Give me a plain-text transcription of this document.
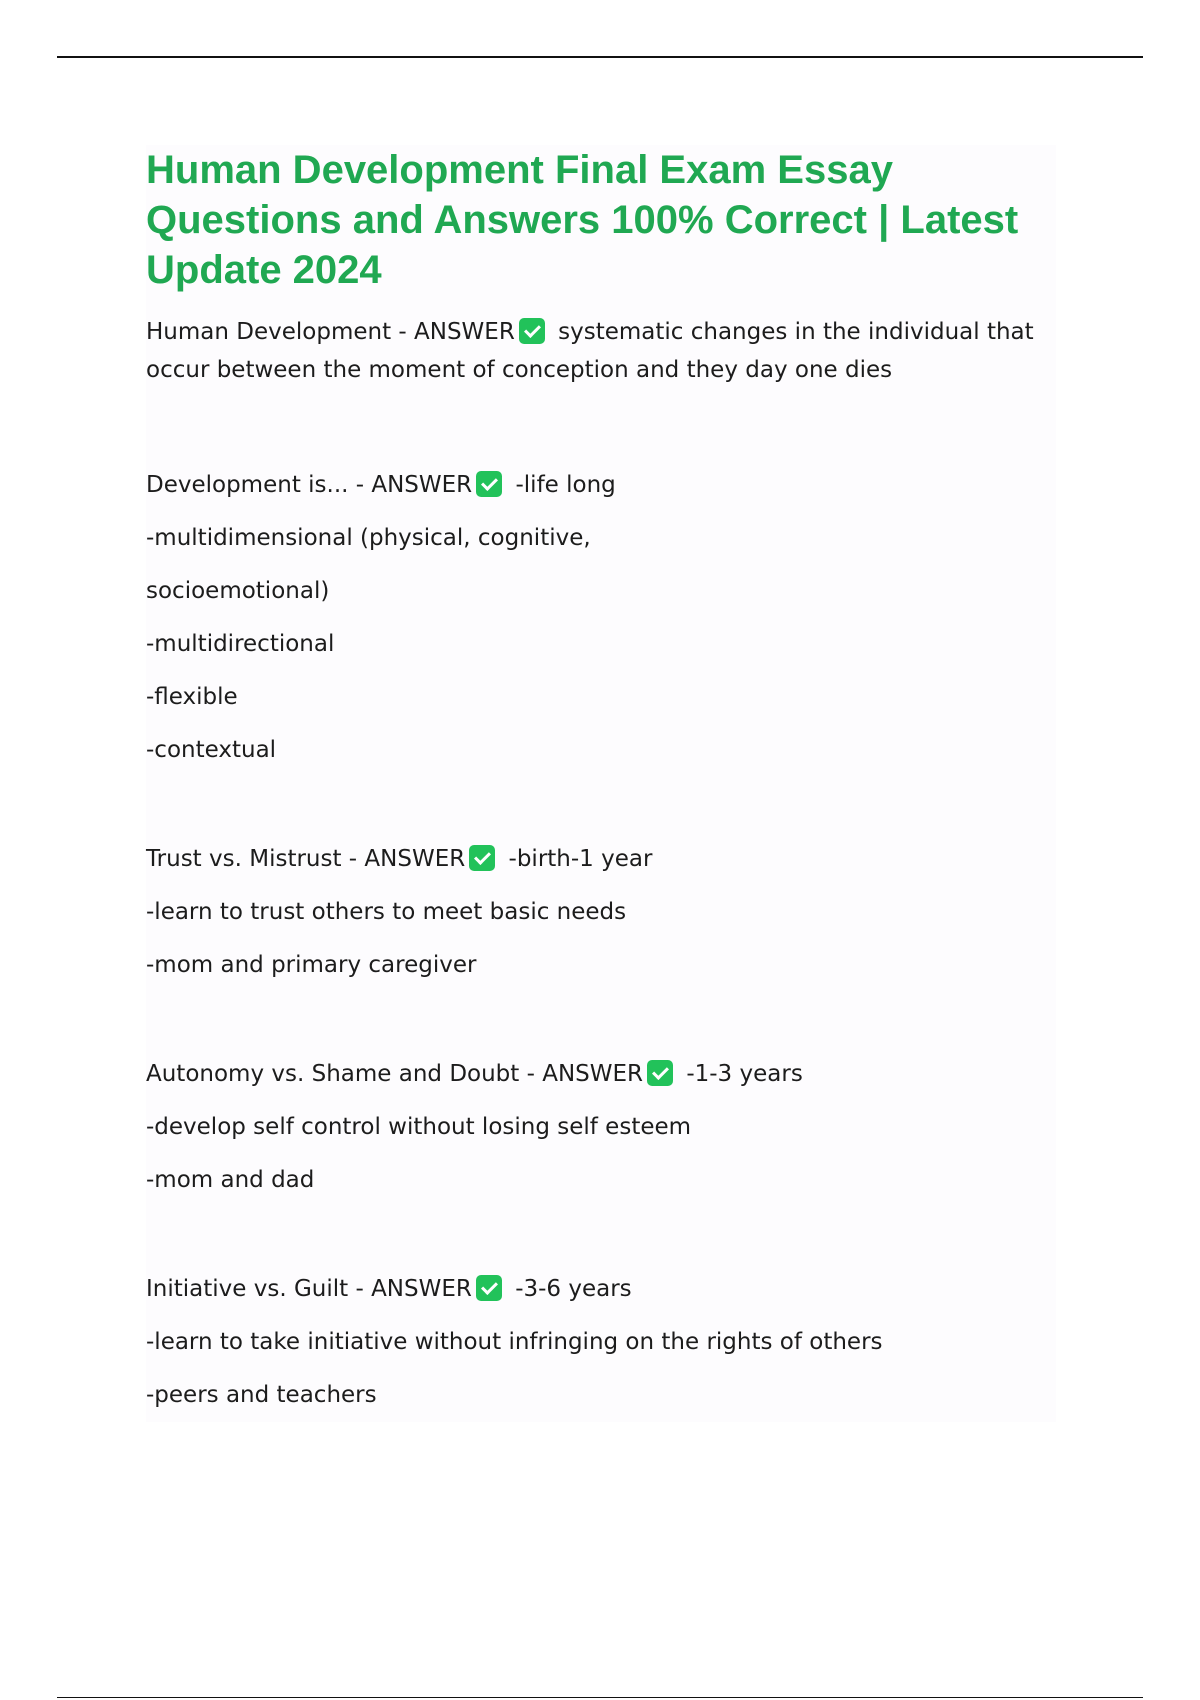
Human Development Final Exam Essay Questions and Answers 100% Correct | Latest Update 2024
Human Development - ANSWER systematic changes in the individual that occur between the moment of conception and they day one dies
Development is... - ANSWER -life long
-multidimensional (physical, cognitive,
socioemotional)
-multidirectional
-flexible
-contextual
Trust vs. Mistrust - ANSWER -birth-1 year
-learn to trust others to meet basic needs
-mom and primary caregiver
Autonomy vs. Shame and Doubt - ANSWER -1-3 years
-develop self control without losing self esteem
-mom and dad
Initiative vs. Guilt - ANSWER -3-6 years
-learn to take initiative without infringing on the rights of others
-peers and teachers
